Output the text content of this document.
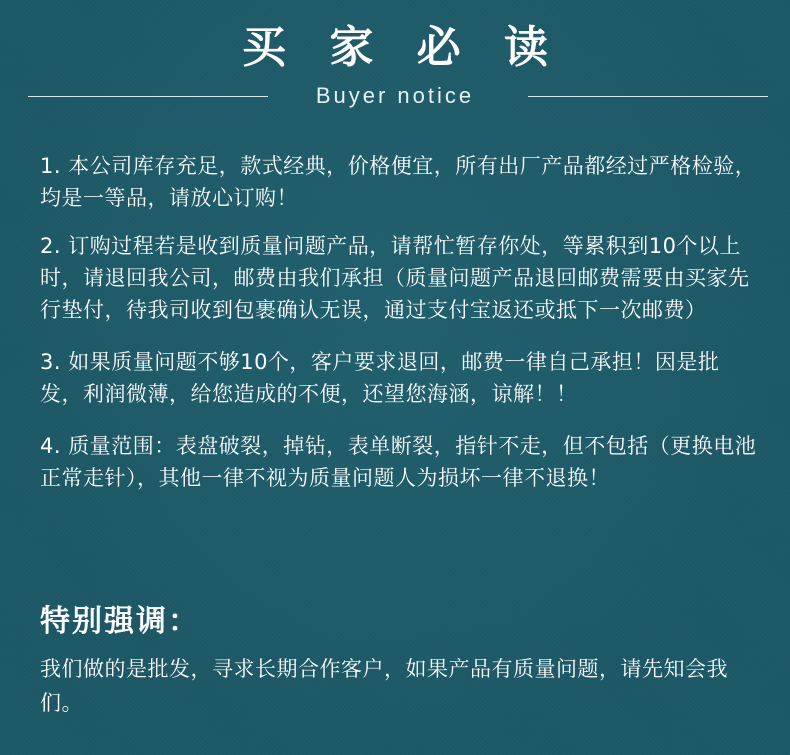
买 家 必 读
Buyer notice
1. 本公司库存充足，款式经典，价格便宜，所有出厂产品都经过严格检验，均是一等品，请放心订购！
2. 订购过程若是收到质量问题产品，请帮忙暂存你处，等累积到10个以上时，请退回我公司，邮费由我们承担（质量问题产品退回邮费需要由买家先行垫付，待我司收到包裹确认无误，通过支付宝返还或抵下一次邮费）
3. 如果质量问题不够10个，客户要求退回，邮费一律自己承担！因是批发，利润微薄，给您造成的不便，还望您海涵，谅解！！
4. 质量范围：表盘破裂，掉钻，表单断裂，指针不走，但不包括（更换电池正常走针），其他一律不视为质量问题人为损坏一律不退换！
特别强调：
我们做的是批发，寻求长期合作客户，如果产品有质量问题，请先知会我们。
